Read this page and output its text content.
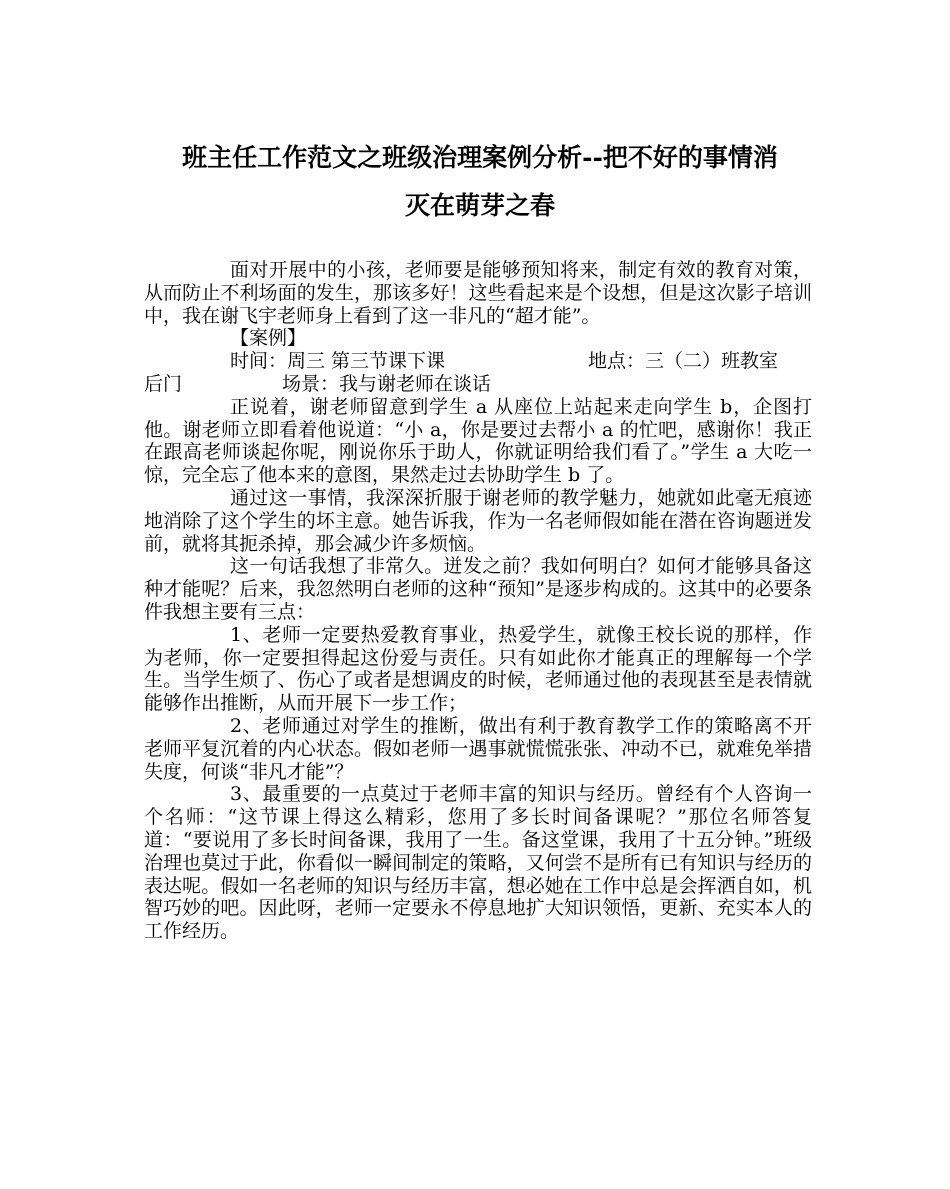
班主任工作范文之班级治理案例分析--把不好的事情消
灭在萌芽之春

面对开展中的小孩，老师要是能够预知将来，制定有效的教育对策，从而防止不利场面的发生，那该多好！这些看起来是个设想，但是这次影子培训中，我在谢飞宇老师身上看到了这一非凡的“超才能”。

【案例】
时间：周三 第三节课下课	地点：三（二）班教室
后门	场景：我与谢老师在谈话

正说着，谢老师留意到学生 a 从座位上站起来走向学生 b，企图打他。谢老师立即看着他说道：“小 a，你是要过去帮小 a 的忙吧，感谢你！我正在跟高老师谈起你呢，刚说你乐于助人，你就证明给我们看了。”学生 a 大吃一惊，完全忘了他本来的意图，果然走过去协助学生 b 了。

通过这一事情，我深深折服于谢老师的教学魅力，她就如此毫无痕迹地消除了这个学生的坏主意。她告诉我，作为一名老师假如能在潜在咨询题迸发前，就将其扼杀掉，那会减少许多烦恼。

这一句话我想了非常久。迸发之前？我如何明白？如何才能够具备这种才能呢？后来，我忽然明白老师的这种“预知”是逐步构成的。这其中的必要条件我想主要有三点：

1、老师一定要热爱教育事业，热爱学生，就像王校长说的那样，作为老师，你一定要担得起这份爱与责任。只有如此你才能真正的理解每一个学生。当学生烦了、伤心了或者是想调皮的时候，老师通过他的表现甚至是表情就能够作出推断，从而开展下一步工作；

2、老师通过对学生的推断，做出有利于教育教学工作的策略离不开老师平复沉着的内心状态。假如老师一遇事就慌慌张张、冲动不已，就难免举措失度，何谈“非凡才能”？

3、最重要的一点莫过于老师丰富的知识与经历。曾经有个人咨询一个名师：“这节课上得这么精彩，您用了多长时间备课呢？”那位名师答复道：“要说用了多长时间备课，我用了一生。备这堂课，我用了十五分钟。”班级治理也莫过于此，你看似一瞬间制定的策略，又何尝不是所有已有知识与经历的表达呢。假如一名老师的知识与经历丰富，想必她在工作中总是会挥洒自如，机智巧妙的吧。因此呀，老师一定要永不停息地扩大知识领悟，更新、充实本人的工作经历。
